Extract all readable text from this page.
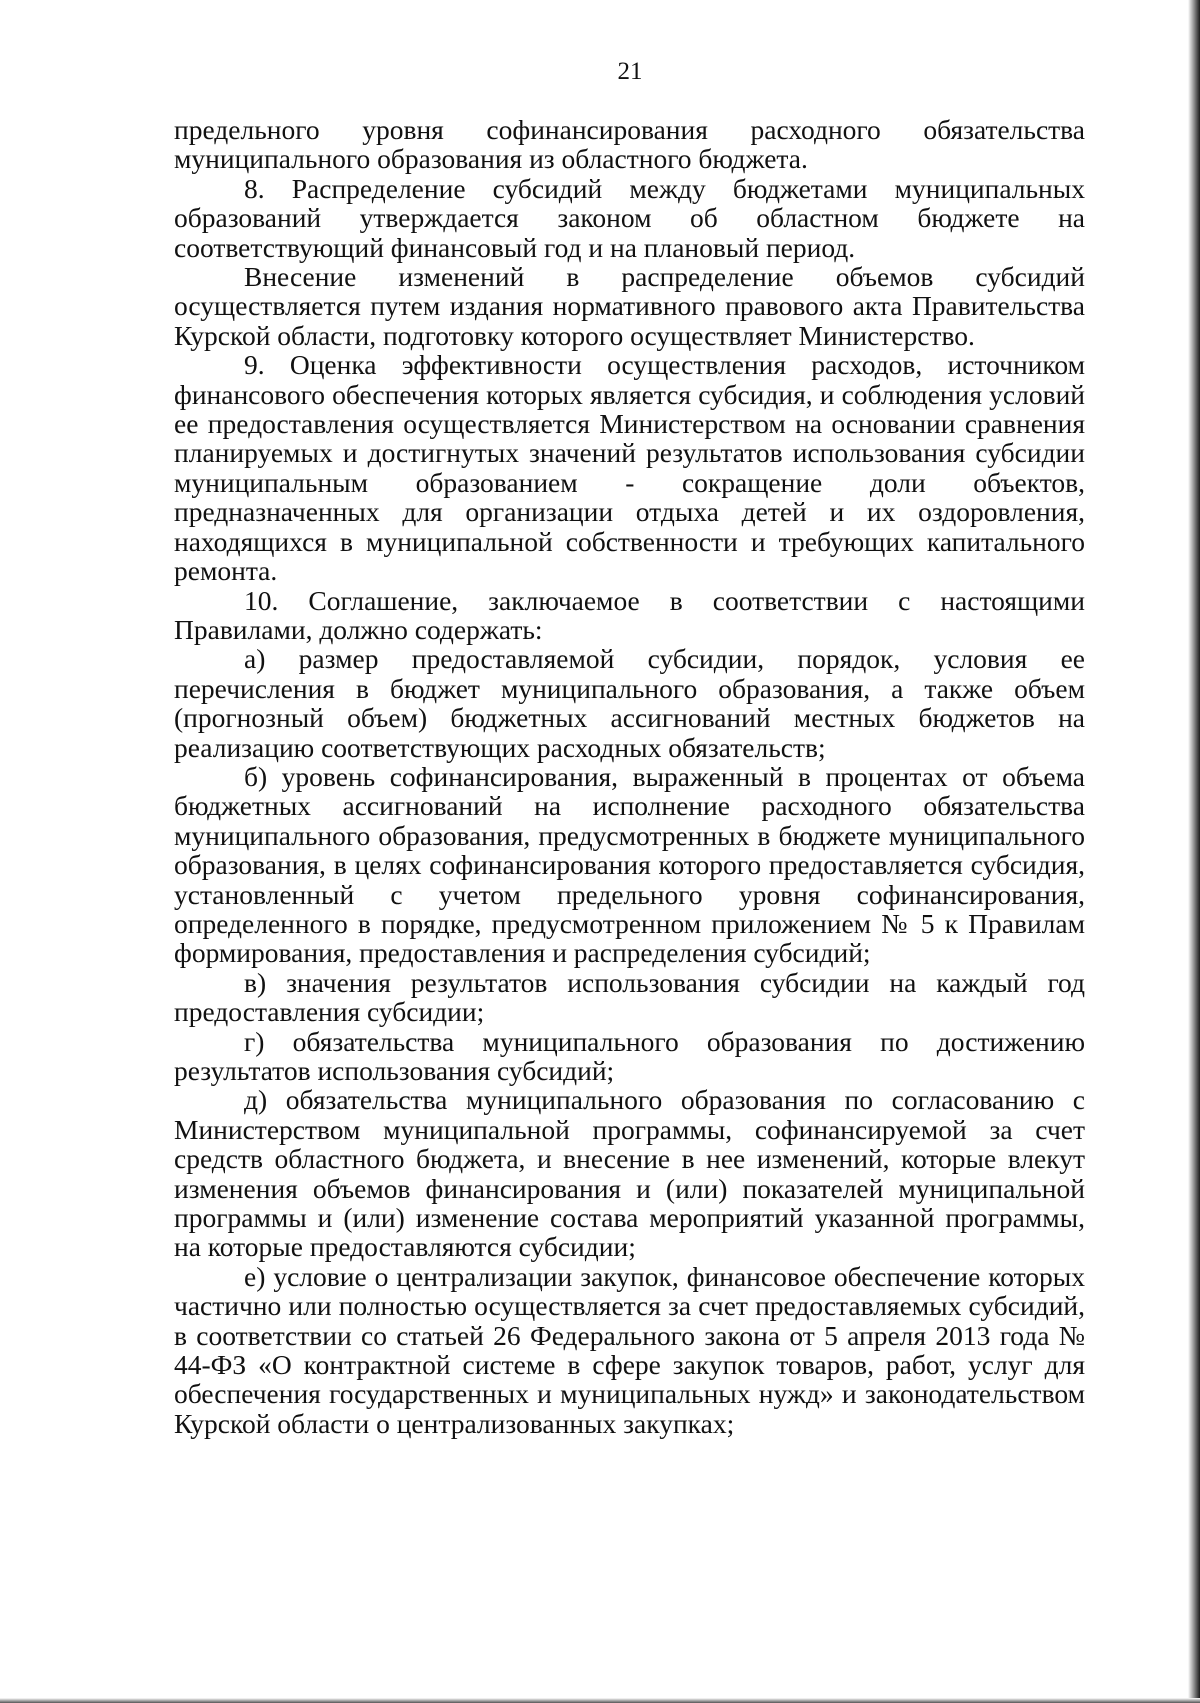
21

предельного уровня софинансирования расходного обязательства муниципального образования из областного бюджета.

8. Распределение субсидий между бюджетами муниципальных образований утверждается законом об областном бюджете на соответствующий финансовый год и на плановый период.

Внесение изменений в распределение объемов субсидий осуществляется путем издания нормативного правового акта Правительства Курской области, подготовку которого осуществляет Министерство.

9. Оценка эффективности осуществления расходов, источником финансового обеспечения которых является субсидия, и соблюдения условий ее предоставления осуществляется Министерством на основании сравнения планируемых и достигнутых значений результатов использования субсидии муниципальным образованием - сокращение доли объектов, предназначенных для организации отдыха детей и их оздоровления, находящихся в муниципальной собственности и требующих капитального ремонта.

10. Соглашение, заключаемое в соответствии с настоящими Правилами, должно содержать:

а) размер предоставляемой субсидии, порядок, условия ее перечисления в бюджет муниципального образования, а также объем (прогнозный объем) бюджетных ассигнований местных бюджетов на реализацию соответствующих расходных обязательств;

б) уровень софинансирования, выраженный в процентах от объема бюджетных ассигнований на исполнение расходного обязательства муниципального образования, предусмотренных в бюджете муниципального образования, в целях софинансирования которого предоставляется субсидия, установленный с учетом предельного уровня софинансирования, определенного в порядке, предусмотренном приложением № 5 к Правилам формирования, предоставления и распределения субсидий;

в) значения результатов использования субсидии на каждый год предоставления субсидии;

г) обязательства муниципального образования по достижению результатов использования субсидий;

д) обязательства муниципального образования по согласованию с Министерством муниципальной программы, софинансируемой за счет средств областного бюджета, и внесение в нее изменений, которые влекут изменения объемов финансирования и (или) показателей муниципальной программы и (или) изменение состава мероприятий указанной программы, на которые предоставляются субсидии;

е) условие о централизации закупок, финансовое обеспечение которых частично или полностью осуществляется за счет предоставляемых субсидий, в соответствии со статьей 26 Федерального закона от 5 апреля 2013 года № 44-ФЗ «О контрактной системе в сфере закупок товаров, работ, услуг для обеспечения государственных и муниципальных нужд» и законодательством Курской области о централизованных закупках;
